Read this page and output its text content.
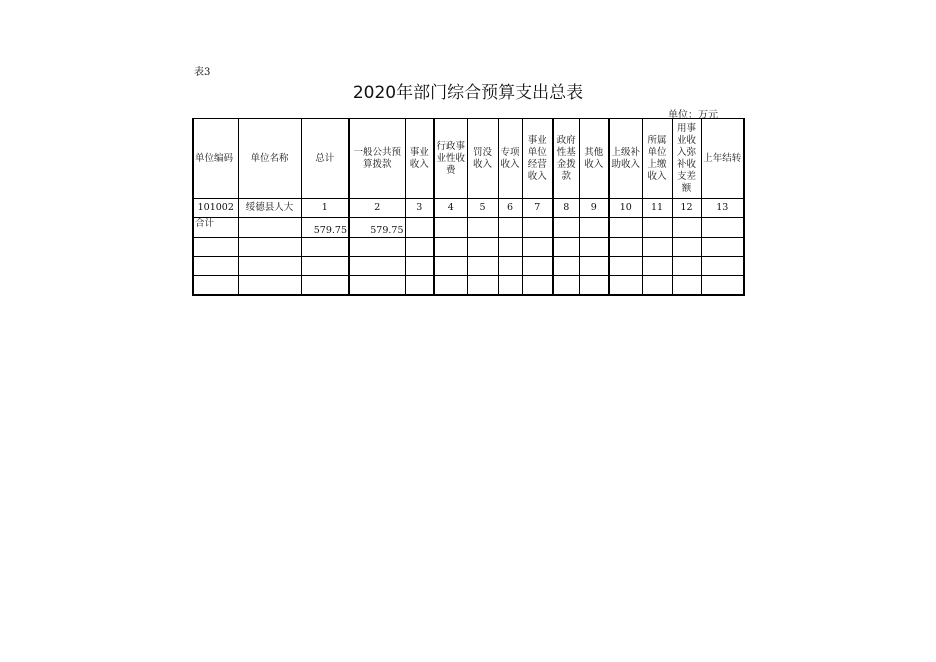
表3
2020年部门综合预算支出总表
单位：万元
单位编码	单位名称	总计	一般公共预算拨款	事业收入	行政事业性收费	罚没收入	专项收入	事业单位经营收入	政府性基金拨款	其他收入	上级补助收入	所属单位上缴收入	用事业收入弥补收支差额	上年结转
101002	绥德县人大	1	2	3	4	5	6	7	8	9	10	11	12	13
合计		579.75	579.75											
